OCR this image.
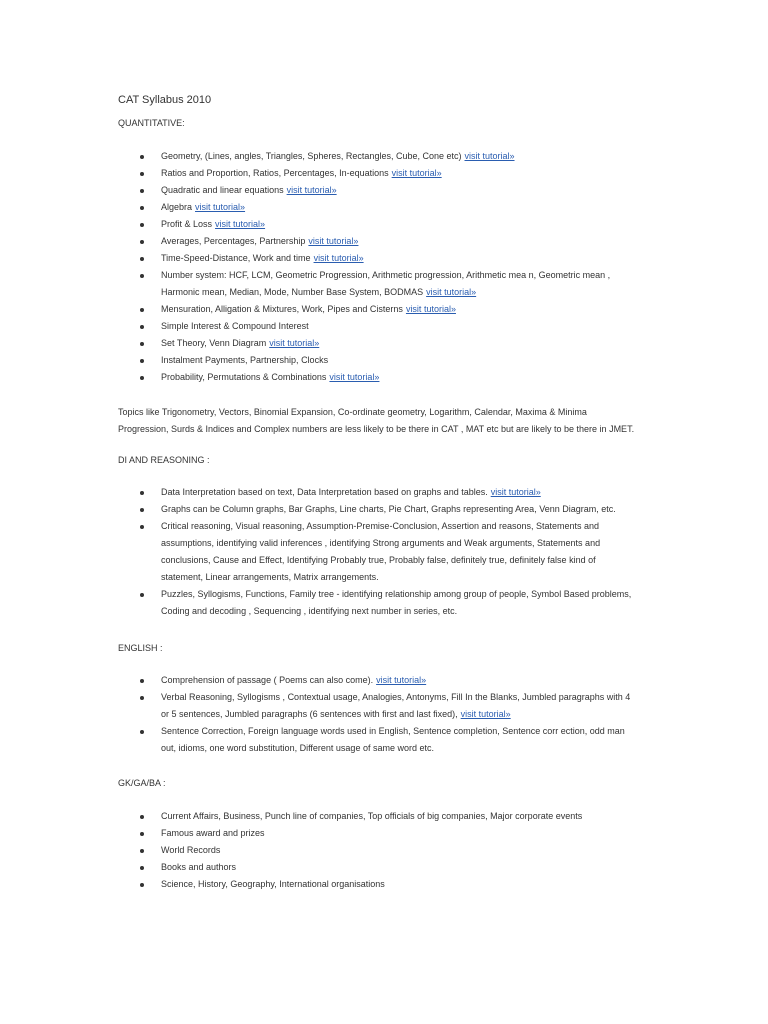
CAT Syllabus 2010
QUANTITATIVE:
Geometry, (Lines, angles, Triangles, Spheres, Rectangles, Cube, Cone etc) visit tutorial»
Ratios and Proportion, Ratios, Percentages, In-equations visit tutorial»
Quadratic and linear equations visit tutorial»
Algebra visit tutorial»
Profit & Loss visit tutorial»
Averages, Percentages, Partnership visit tutorial»
Time-Speed-Distance, Work and time visit tutorial»
Number system: HCF, LCM, Geometric Progression, Arithmetic progression, Arithmetic mea n, Geometric mean , Harmonic mean, Median, Mode, Number Base System, BODMAS visit tutorial»
Mensuration, Alligation & Mixtures, Work, Pipes and Cisterns visit tutorial»
Simple Interest & Compound Interest
Set Theory, Venn Diagram visit tutorial»
Instalment Payments, Partnership, Clocks
Probability, Permutations & Combinations visit tutorial»
Topics like Trigonometry, Vectors, Binomial Expansion, Co-ordinate geometry, Logarithm, Calendar, Maxima & Minima Progression, Surds & Indices and Complex numbers are less likely to be there in CAT , MAT etc but are likely to be there in JMET.
DI AND REASONING :
Data Interpretation based on text, Data Interpretation based on graphs and tables. visit tutorial»
Graphs can be Column graphs, Bar Graphs, Line charts, Pie Chart, Graphs representing Area, Venn Diagram, etc.
Critical reasoning, Visual reasoning, Assumption-Premise-Conclusion, Assertion and reasons, Statements and assumptions, identifying valid inferences , identifying Strong arguments and Weak arguments, Statements and conclusions, Cause and Effect, Identifying Probably true, Probably false, definitely true, definitely false kind of statement, Linear arrangements, Matrix arrangements.
Puzzles, Syllogisms, Functions, Family tree - identifying relationship among group of people, Symbol Based problems, Coding and decoding , Sequencing , identifying next number in series, etc.
ENGLISH :
Comprehension of passage ( Poems can also come). visit tutorial»
Verbal Reasoning, Syllogisms , Contextual usage, Analogies, Antonyms, Fill In the Blanks, Jumbled paragraphs with 4 or 5 sentences, Jumbled paragraphs (6 sentences with first and last fixed), visit tutorial»
Sentence Correction, Foreign language words used in English, Sentence completion, Sentence corr ection, odd man out, idioms, one word substitution, Different usage of same word etc.
GK/GA/BA :
Current Affairs, Business, Punch line of companies, Top officials of big companies, Major corporate events
Famous award and prizes
World Records
Books and authors
Science, History, Geography, International organisations
